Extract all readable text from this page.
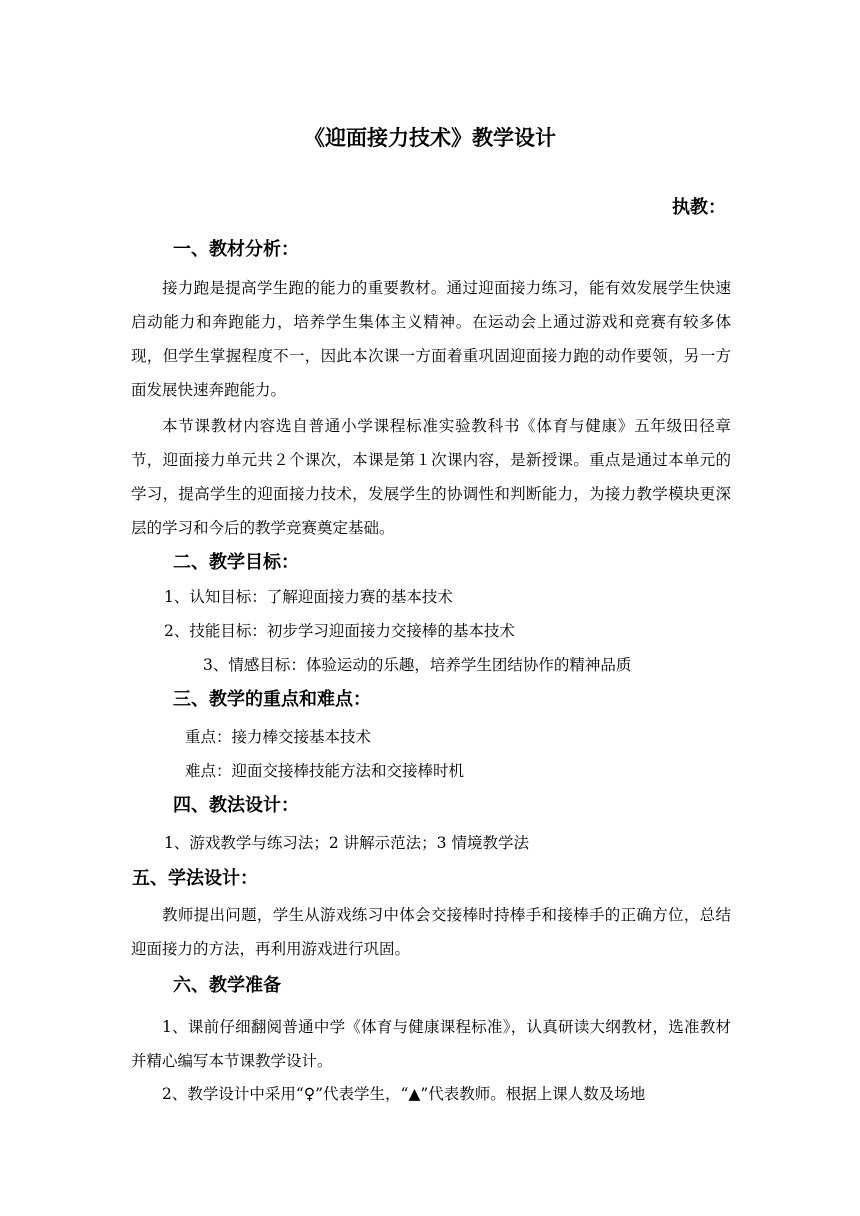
《迎面接力技术》教学设计
执教：
一、教材分析：
接力跑是提高学生跑的能力的重要教材。通过迎面接力练习，能有效发展学生快速启动能力和奔跑能力，培养学生集体主义精神。在运动会上通过游戏和竞赛有较多体现，但学生掌握程度不一，因此本次课一方面着重巩固迎面接力跑的动作要领，另一方面发展快速奔跑能力。
本节课教材内容选自普通小学课程标准实验教科书《体育与健康》五年级田径章节，迎面接力单元共２个课次，本课是第１次课内容，是新授课。重点是通过本单元的学习，提高学生的迎面接力技术，发展学生的协调性和判断能力，为接力教学模块更深层的学习和今后的教学竞赛奠定基础。
二、教学目标：
1、认知目标：了解迎面接力赛的基本技术
2、技能目标：初步学习迎面接力交接棒的基本技术
3、情感目标：体验运动的乐趣，培养学生团结协作的精神品质
三、教学的重点和难点：
重点：接力棒交接基本技术
难点：迎面交接棒技能方法和交接棒时机
四、教法设计：
1、游戏教学与练习法；2 讲解示范法；3 情境教学法
五、学法设计：
教师提出问题，学生从游戏练习中体会交接棒时持棒手和接棒手的正确方位，总结迎面接力的方法，再利用游戏进行巩固。
六、教学准备
1、课前仔细翻阅普通中学《体育与健康课程标准》，认真研读大纲教材，选准教材并精心编写本节课教学设计。
2、教学设计中采用“♀”代表学生，“▲”代表教师。根据上课人数及场地
